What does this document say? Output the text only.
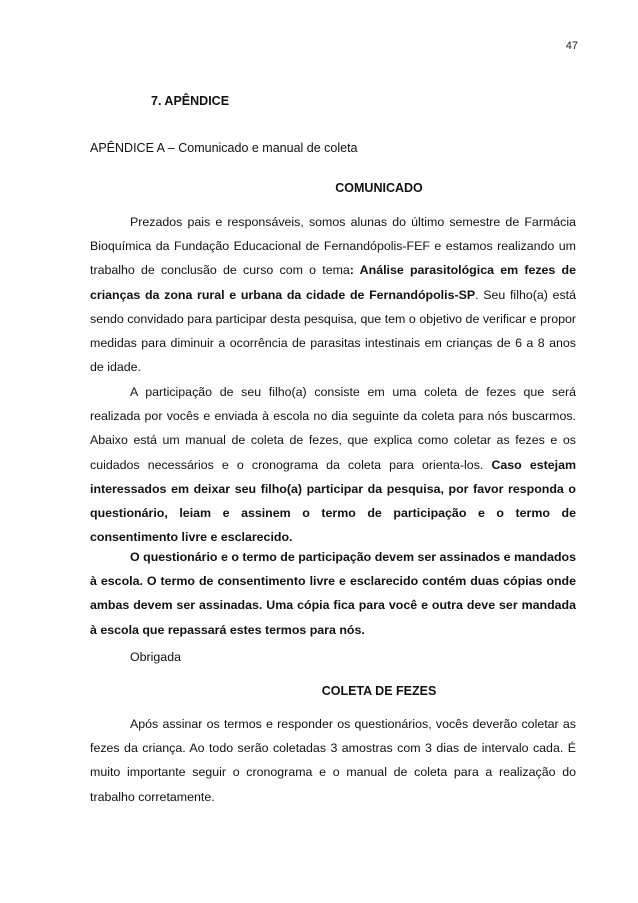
47
7. APÊNDICE
APÊNDICE A – Comunicado e manual de coleta
COMUNICADO

Prezados pais e responsáveis, somos alunas do último semestre de Farmácia Bioquímica da Fundação Educacional de Fernandópolis-FEF e estamos realizando um trabalho de conclusão de curso com o tema: Análise parasitológica em fezes de crianças da zona rural e urbana da cidade de Fernandópolis-SP. Seu filho(a) está sendo convidado para participar desta pesquisa, que tem o objetivo de verificar e propor medidas para diminuir a ocorrência de parasitas intestinais em crianças de 6 a 8 anos de idade.

A participação de seu filho(a) consiste em uma coleta de fezes que será realizada por vocês e enviada à escola no dia seguinte da coleta para nós buscarmos. Abaixo está um manual de coleta de fezes, que explica como coletar as fezes e os cuidados necessários e o cronograma da coleta para orienta-los. Caso estejam interessados em deixar seu filho(a) participar da pesquisa, por favor responda o questionário, leiam e assinem o termo de participação e o termo de consentimento livre e esclarecido.

O questionário e o termo de participação devem ser assinados e mandados à escola. O termo de consentimento livre e esclarecido contém duas cópias onde ambas devem ser assinadas. Uma cópia fica para você e outra deve ser mandada à escola que repassará estes termos para nós.

Obrigada

COLETA DE FEZES

Após assinar os termos e responder os questionários, vocês deverão coletar as fezes da criança. Ao todo serão coletadas 3 amostras com 3 dias de intervalo cada. É muito importante seguir o cronograma e o manual de coleta para a realização do trabalho corretamente.
